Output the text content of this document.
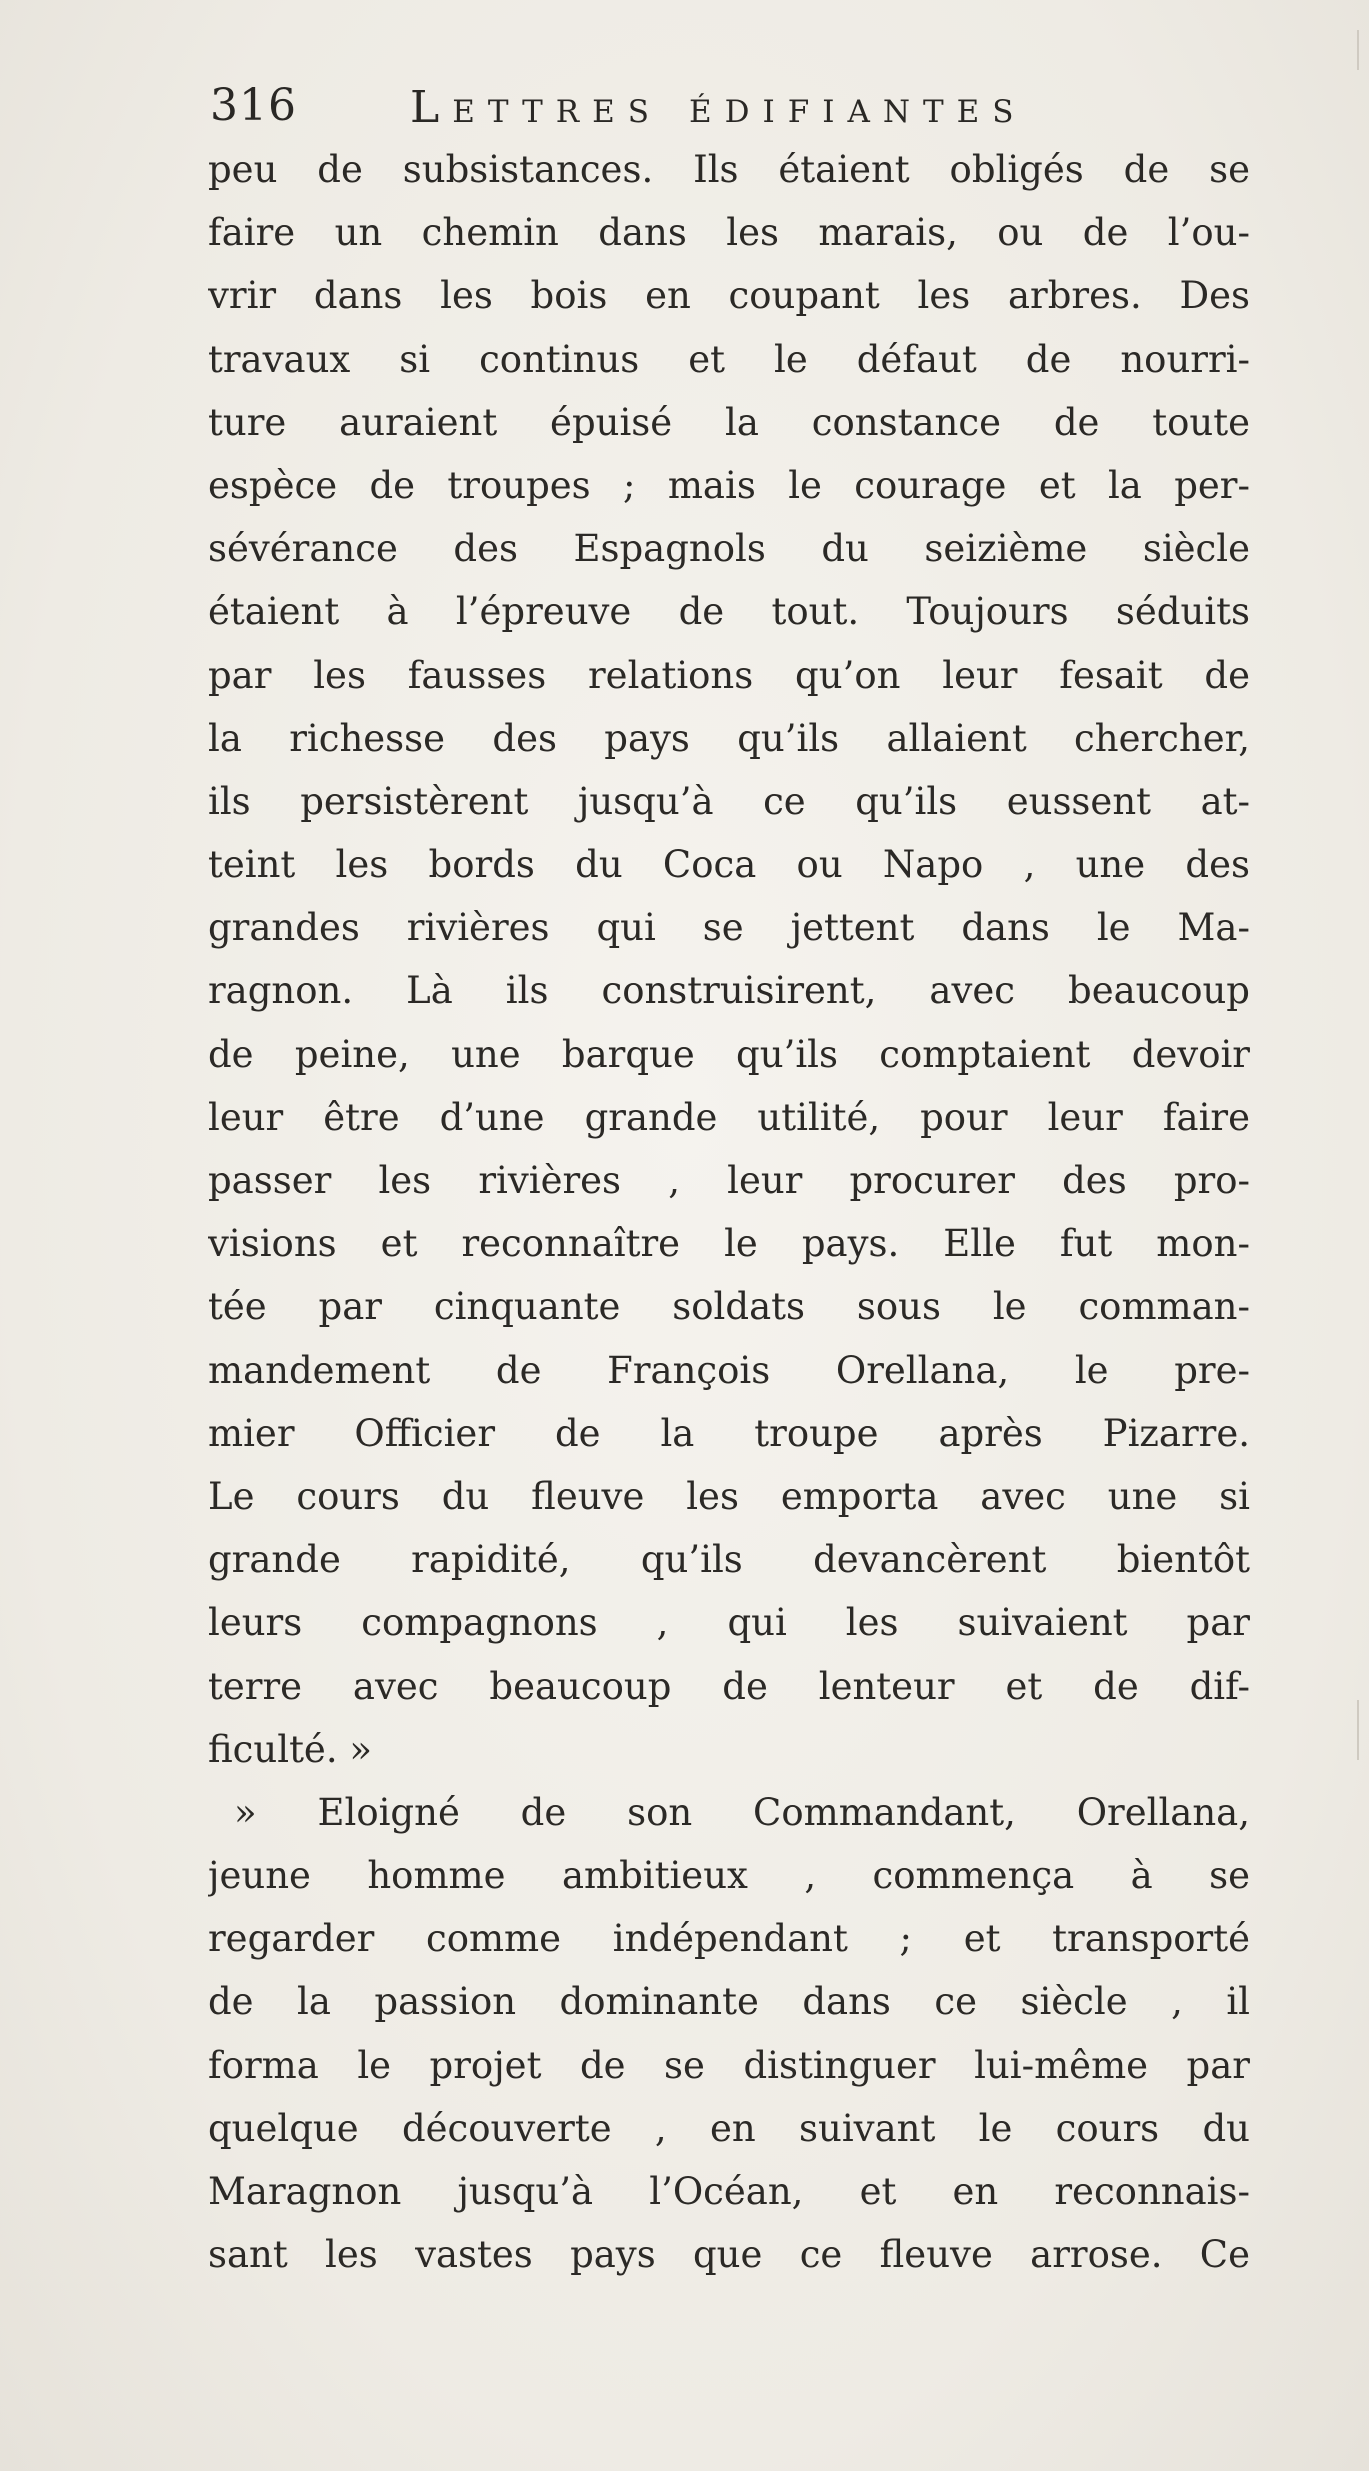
316	Lettres édifiantes
peu de subsistances. Ils étaient obligés de se
faire un chemin dans les marais, ou de l’ou-
vrir dans les bois en coupant les arbres. Des
travaux si continus et le défaut de nourri-
ture auraient épuisé la constance de toute
espèce de troupes ; mais le courage et la per-
sévérance des Espagnols du seizième siècle
étaient à l’épreuve de tout. Toujours séduits
par les fausses relations qu’on leur fesait de
la richesse des pays qu’ils allaient chercher,
ils persistèrent jusqu’à ce qu’ils eussent at-
teint les bords du Coca ou Napo , une des
grandes rivières qui se jettent dans le Ma-
ragnon. Là ils construisirent, avec beaucoup
de peine, une barque qu’ils comptaient devoir
leur être d’une grande utilité, pour leur faire
passer les rivières , leur procurer des pro-
visions et reconnaître le pays. Elle fut mon-
tée par cinquante soldats sous le comman-
mandement de François Orellana, le pre-
mier Officier de la troupe après Pizarre.
Le cours du fleuve les emporta avec une si
grande rapidité, qu’ils devancèrent bientôt
leurs compagnons , qui les suivaient par
terre avec beaucoup de lenteur et de dif-
ficulté. »
» Eloigné de son Commandant, Orellana,
jeune homme ambitieux , commença à se
regarder comme indépendant ; et transporté
de la passion dominante dans ce siècle , il
forma le projet de se distinguer lui-même par
quelque découverte , en suivant le cours du
Maragnon jusqu’à l’Océan, et en reconnais-
sant les vastes pays que ce fleuve arrose. Ce
